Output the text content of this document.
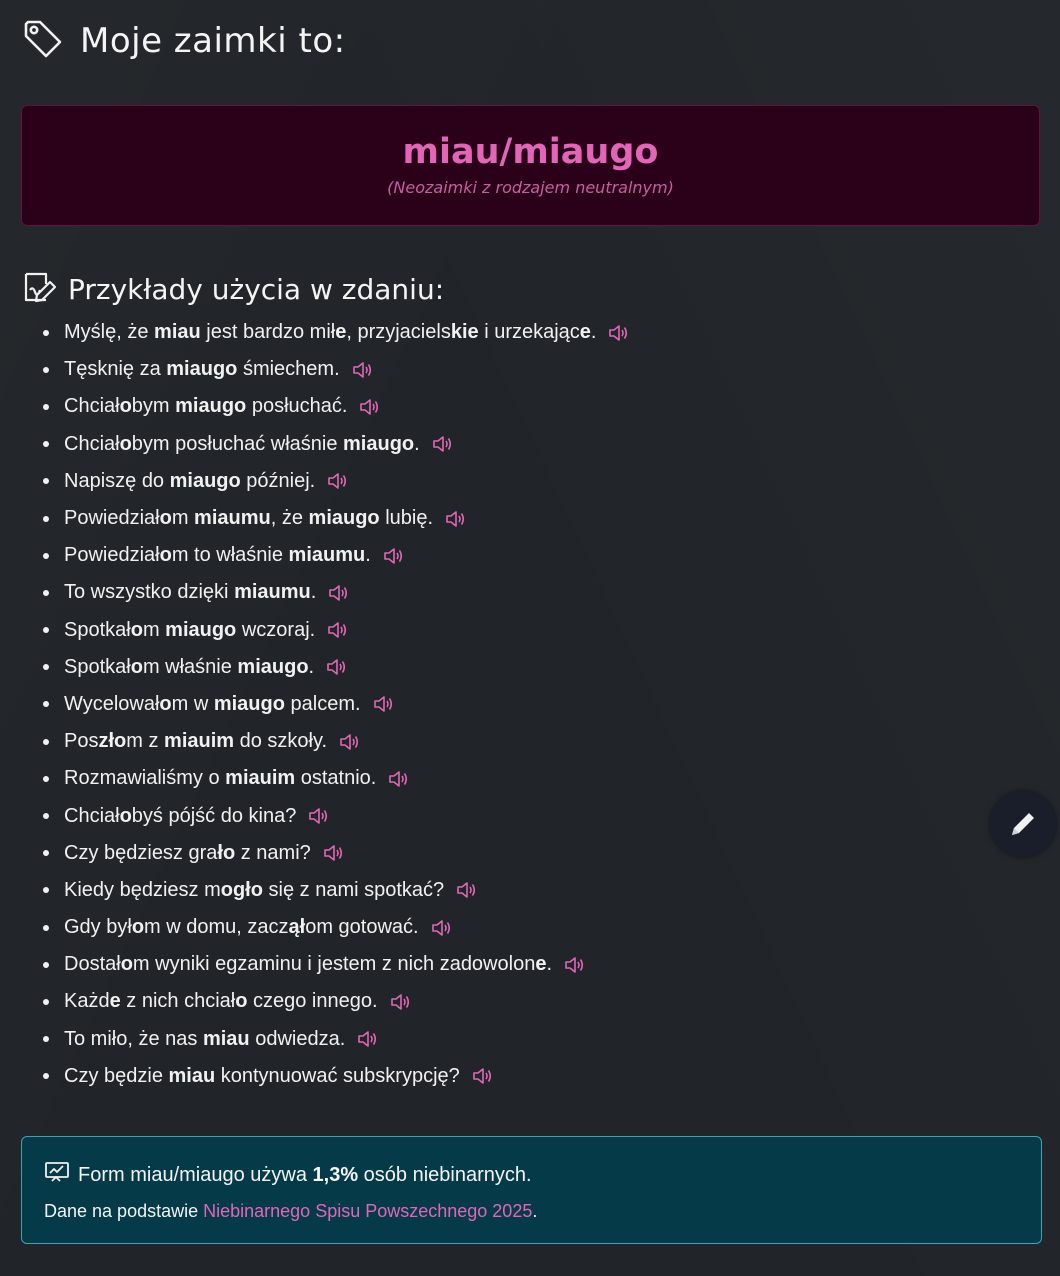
Moje zaimki to:
miau/miaugo
(Neozaimki z rodzajem neutralnym)
Przykłady użycia w zdaniu:
Myślę, że miau jest bardzo miłe, przyjacielskie i urzekające.
Tęsknię za miaugo śmiechem.
Chciałobym miaugo posłuchać.
Chciałobym posłuchać właśnie miaugo.
Napiszę do miaugo później.
Powiedziałom miaumu, że miaugo lubię.
Powiedziałom to właśnie miaumu.
To wszystko dzięki miaumu.
Spotkałom miaugo wczoraj.
Spotkałom właśnie miaugo.
Wycelowałom w miaugo palcem.
Poszłom z miauim do szkoły.
Rozmawialiśmy o miauim ostatnio.
Chciałobyś pójść do kina?
Czy będziesz grało z nami?
Kiedy będziesz mogło się z nami spotkać?
Gdy byłom w domu, zacząłom gotować.
Dostałom wyniki egzaminu i jestem z nich zadowolone.
Każde z nich chciało czego innego.
To miło, że nas miau odwiedza.
Czy będzie miau kontynuować subskrypcję?
Form miau/miaugo używa 1,3% osób niebinarnych.
Dane na podstawie Niebinarnego Spisu Powszechnego 2025.
